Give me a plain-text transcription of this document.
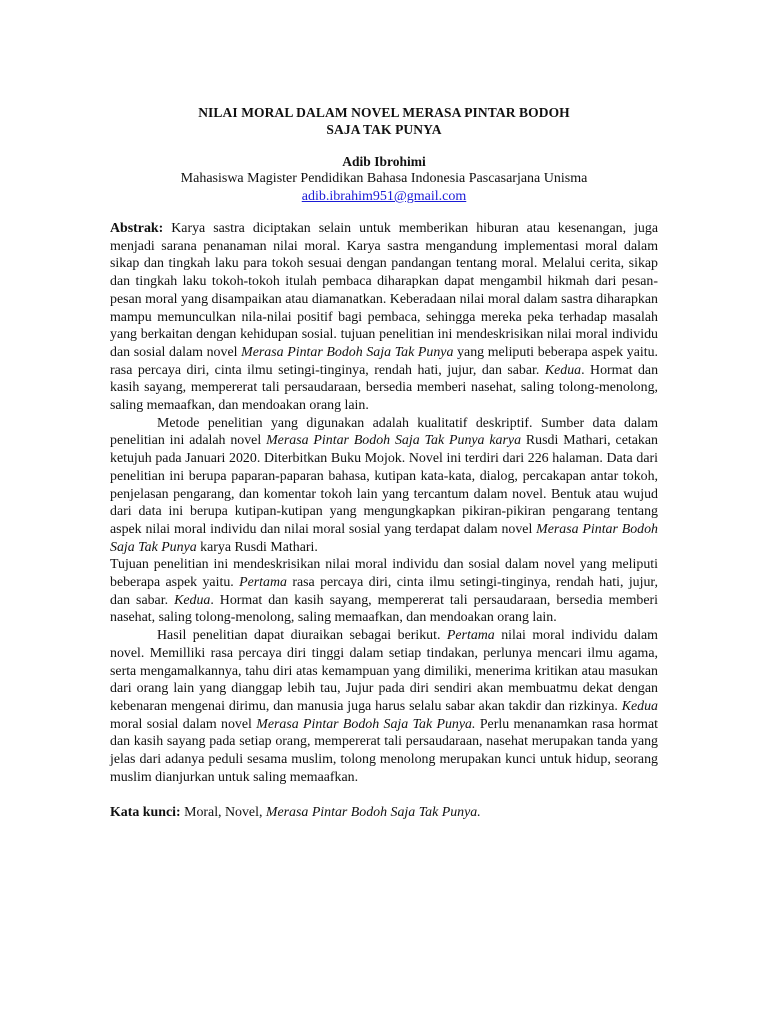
NILAI MORAL DALAM NOVEL MERASA PINTAR BODOH
SAJA TAK PUNYA
Adib Ibrohimi
Mahasiswa Magister Pendidikan Bahasa Indonesia Pascasarjana Unisma
adib.ibrahim951@gmail.com

Abstrak: Karya sastra diciptakan selain untuk memberikan hiburan atau kesenangan, juga menjadi sarana penanaman nilai moral. Karya sastra mengandung implementasi moral dalam sikap dan tingkah laku para tokoh sesuai dengan pandangan tentang moral. Melalui cerita, sikap dan tingkah laku tokoh-tokoh itulah pembaca diharapkan dapat mengambil hikmah dari pesan-pesan moral yang disampaikan atau diamanatkan. Keberadaan nilai moral dalam sastra diharapkan mampu memunculkan nila-nilai positif bagi pembaca, sehingga mereka peka terhadap masalah yang berkaitan dengan kehidupan sosial. tujuan penelitian ini mendeskrisikan nilai moral individu dan sosial dalam novel Merasa Pintar Bodoh Saja Tak Punya yang meliputi beberapa aspek yaitu. rasa percaya diri, cinta ilmu setingi-tinginya, rendah hati, jujur, dan sabar. Kedua. Hormat dan kasih sayang, mempererat tali persaudaraan, bersedia memberi nasehat, saling tolong-menolong, saling memaafkan, dan mendoakan orang lain.

Metode penelitian yang digunakan adalah kualitatif deskriptif. Sumber data dalam penelitian ini adalah novel Merasa Pintar Bodoh Saja Tak Punya karya Rusdi Mathari, cetakan ketujuh pada Januari 2020. Diterbitkan Buku Mojok. Novel ini terdiri dari 226 halaman. Data dari penelitian ini berupa paparan-paparan bahasa, kutipan kata-kata, dialog, percakapan antar tokoh, penjelasan pengarang, dan komentar tokoh lain yang tercantum dalam novel. Bentuk atau wujud dari data ini berupa kutipan-kutipan yang mengungkapkan pikiran-pikiran pengarang tentang aspek nilai moral individu dan nilai moral sosial yang terdapat dalam novel Merasa Pintar Bodoh Saja Tak Punya karya Rusdi Mathari.

Tujuan penelitian ini mendeskrisikan nilai moral individu dan sosial dalam novel yang meliputi beberapa aspek yaitu. Pertama rasa percaya diri, cinta ilmu setingi-tinginya, rendah hati, jujur, dan sabar. Kedua. Hormat dan kasih sayang, mempererat tali persaudaraan, bersedia memberi nasehat, saling tolong-menolong, saling memaafkan, dan mendoakan orang lain.

Hasil penelitian dapat diuraikan sebagai berikut. Pertama nilai moral individu dalam novel. Memilliki rasa percaya diri tinggi dalam setiap tindakan, perlunya mencari ilmu agama, serta mengamalkannya, tahu diri atas kemampuan yang dimiliki, menerima kritikan atau masukan dari orang lain yang dianggap lebih tau, Jujur pada diri sendiri akan membuatmu dekat dengan kebenaran mengenai dirimu, dan manusia juga harus selalu sabar akan takdir dan rizkinya. Kedua moral sosial dalam novel Merasa Pintar Bodoh Saja Tak Punya. Perlu menanamkan rasa hormat dan kasih sayang pada setiap orang, mempererat tali persaudaraan, nasehat merupakan tanda yang jelas dari adanya peduli sesama muslim, tolong menolong merupakan kunci untuk hidup, seorang muslim dianjurkan untuk saling memaafkan.

Kata kunci: Moral, Novel, Merasa Pintar Bodoh Saja Tak Punya.
